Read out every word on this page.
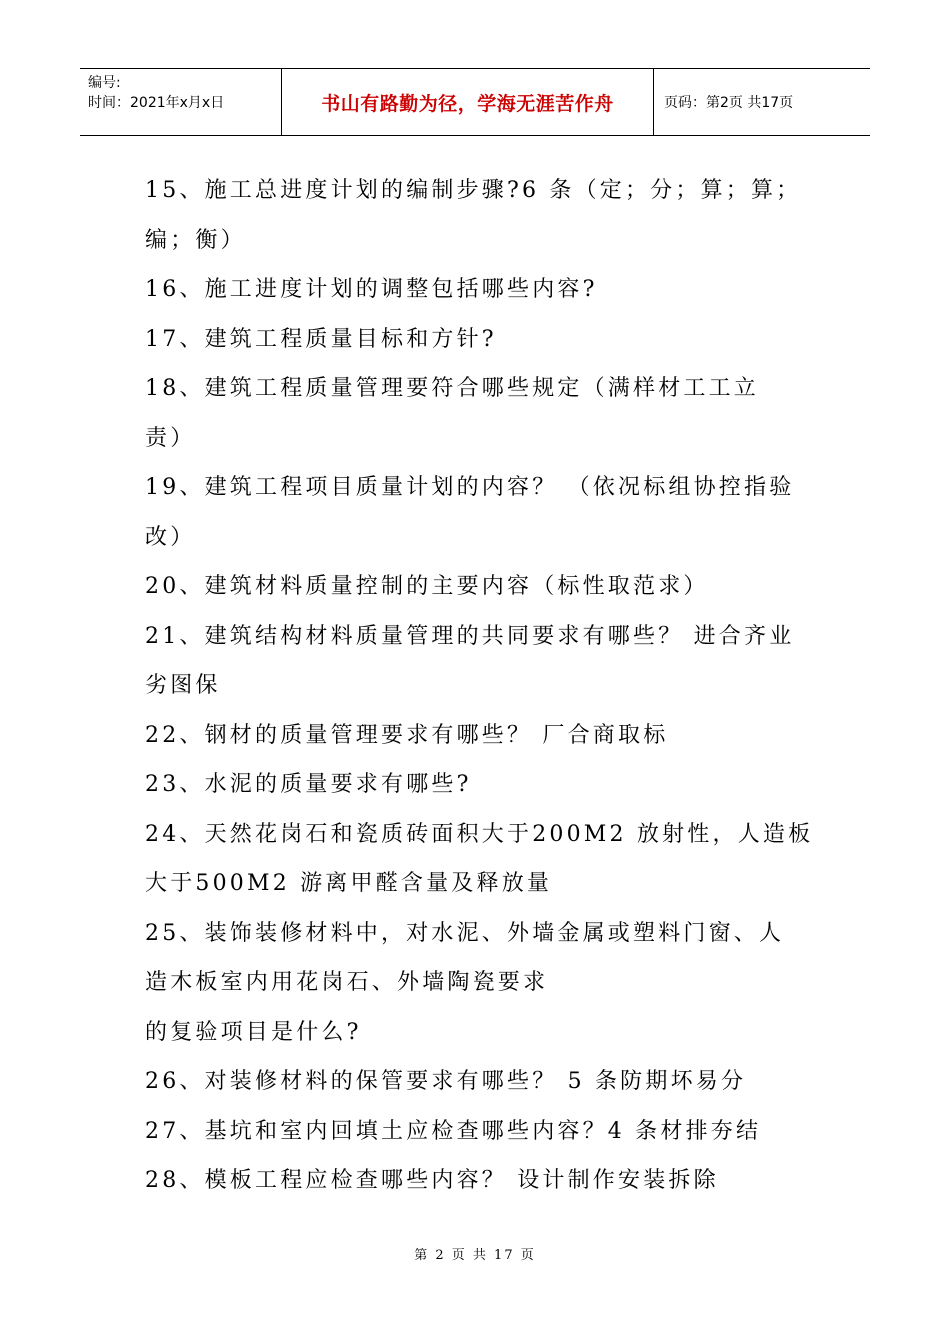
编号:
时间：2021年x月x日	书山有路勤为径，学海无涯苦作舟	页码：第2页 共17页
15、施工总进度计划的编制步骤?6 条（定；分；算；算；
编；衡）
16、施工进度计划的调整包括哪些内容?
17、建筑工程质量目标和方针?
18、建筑工程质量管理要符合哪些规定（满样材工工立
责）
19、建筑工程项目质量计划的内容？ （依况标组协控指验
改）
20、建筑材料质量控制的主要内容（标性取范求）
21、建筑结构材料质量管理的共同要求有哪些？ 进合齐业
劣图保
22、钢材的质量管理要求有哪些？ 厂合商取标
23、水泥的质量要求有哪些?
24、天然花岗石和瓷质砖面积大于200M2 放射性，人造板
大于500M2 游离甲醛含量及释放量
25、装饰装修材料中，对水泥、外墙金属或塑料门窗、人
造木板室内用花岗石、外墙陶瓷要求
的复验项目是什么?
26、对装修材料的保管要求有哪些？ 5 条防期坏易分
27、基坑和室内回填土应检查哪些内容？4 条材排夯结
28、模板工程应检查哪些内容？ 设计制作安装拆除
第 2 页 共 17 页
